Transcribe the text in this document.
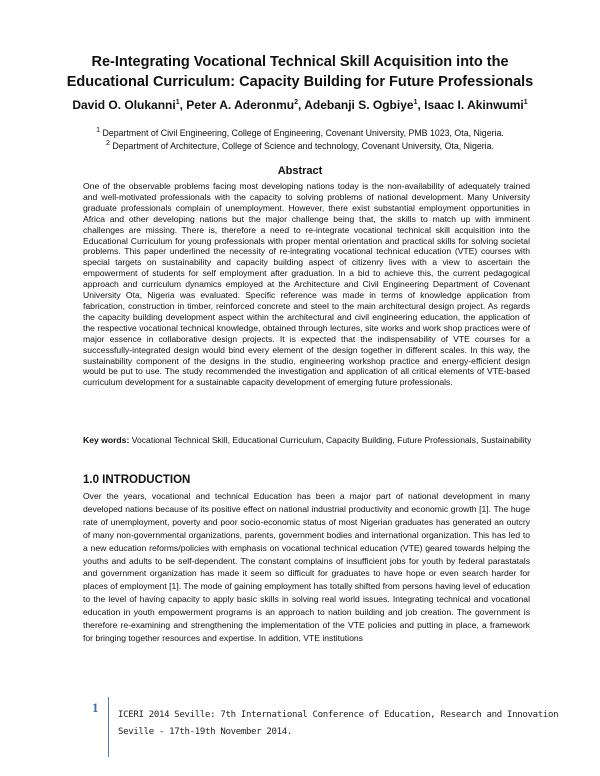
Re-Integrating Vocational Technical Skill Acquisition into the
Educational Curriculum: Capacity Building for Future Professionals
David O. Olukanni$^1$, Peter A. Aderonmu$^2$, Adebanji S. Ogbiye$^1$, Isaac I. Akinwumi$^1$
$^1$ Department of Civil Engineering, College of Engineering, Covenant University, PMB 1023, Ota, Nigeria.
$^2$ Department of Architecture, College of Science and technology, Covenant University, Ota, Nigeria.
Abstract
One of the observable problems facing most developing nations today is the non-availability of adequately trained and well-motivated professionals with the capacity to solving problems of national development. Many University graduate professionals complain of unemployment. However, there exist substantial employment opportunities in Africa and other developing nations but the major challenge being that, the skills to match up with imminent challenges are missing. There is, therefore a need to re-integrate vocational technical skill acquisition into the Educational Curriculum for young professionals with proper mental orientation and practical skills for solving societal problems. This paper underlined the necessity of re-integrating vocational technical education (VTE) courses with special targets on sustainability and capacity building aspect of citizenry lives with a view to ascertain the empowerment of students for self employment after graduation. In a bid to achieve this, the current pedagogical approach and curriculum dynamics employed at the Architecture and Civil Engineering Department of Covenant University Ota, Nigeria was evaluated. Specific reference was made in terms of knowledge application from fabrication, construction in timber, reinforced concrete and steel to the main architectural design project. As regards the capacity building development aspect within the architectural and civil engineering education, the application of the respective vocational technical knowledge, obtained through lectures, site works and work shop practices were of major essence in collaborative design projects. It is expected that the indispensability of VTE courses for a successfully-integrated design would bind every element of the design together in different scales. In this way, the sustainability component of the designs in the studio, engineering workshop practice and energy-efficient design would be put to use. The study recommended the investigation and application of all critical elements of VTE-based curriculum development for a sustainable capacity development of emerging future professionals.
Key words: Vocational Technical Skill, Educational Curriculum, Capacity Building, Future Professionals, Sustainability
1.0 INTRODUCTION
Over the years, vocational and technical Education has been a major part of national development in many developed nations because of its positive effect on national industrial productivity and economic growth [1]. The huge rate of unemployment, poverty and poor socio-economic status of most Nigerian graduates has generated an outcry of many non-governmental organizations, parents, government bodies and international organization. This has led to a new education reforms/policies with emphasis on vocational technical education (VTE) geared towards helping the youths and adults to be self-dependent. The constant complains of insufficient jobs for youth by federal parastatals and government organization has made it seem so difficult for graduates to have hope or even search harder for places of employment [1]. The mode of gaining employment has totally shifted from persons having level of education to the level of having capacity to apply basic skills in solving real world issues. Integrating technical and vocational education in youth empowerment programs is an approach to nation building and job creation. The government is therefore re-examining and strengthening the implementation of the VTE policies and putting in place, a framework for bringing together resources and expertise. In addition, VTE institutions
1 ICERI 2014 Seville: 7th International Conference of Education, Research and Innovation
Seville - 17th-19th November 2014.
